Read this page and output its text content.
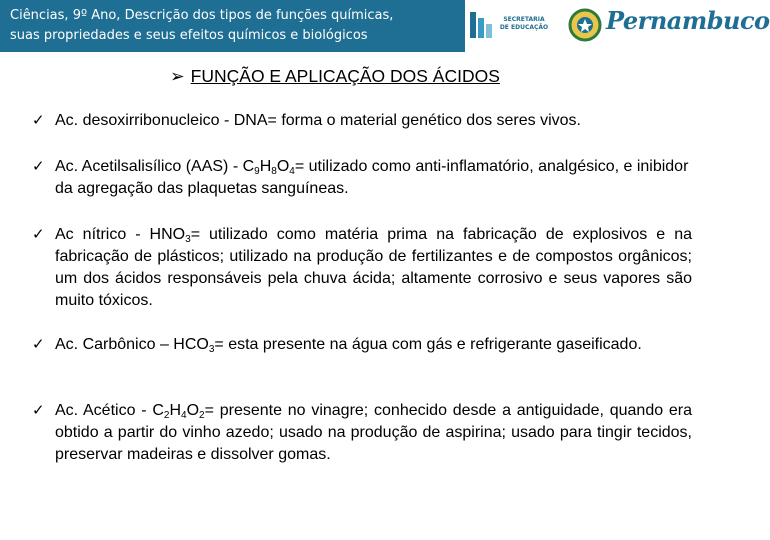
Ciências, 9º Ano, Descrição dos tipos de funções químicas,
suas propriedades e seus efeitos químicos e biológicos
SECRETARIA
DE EDUCAÇÃO Pernambuco
➢ FUNÇÃO E APLICAÇÃO DOS ÁCIDOS
✓ Ac. desoxirribonucleico - DNA= forma o material genético dos seres vivos.
✓ Ac. Acetilsalisílico $(AAS) - C_9H_8O_4=$ utilizado como anti-inflamatório, analgésico, e inibidor da agregação das plaquetas sanguíneas.
✓ Ac nítrico - $HNO_3=$ utilizado como matéria prima na fabricação de explosivos e na fabricação de plásticos; utilizado na produção de fertilizantes e de compostos orgânicos; um dos ácidos responsáveis pela chuva ácida; altamente corrosivo e seus vapores são muito tóxicos.
✓ Ac. Carbônico – $HCO_3=$ esta presente na água com gás e refrigerante gaseificado.
✓ Ac. Acético - $C_2H_4O_2=$ presente no vinagre; conhecido desde a antiguidade, quando era obtido a partir do vinho azedo; usado na produção de aspirina; usado para tingir tecidos, preservar madeiras e dissolver gomas.
